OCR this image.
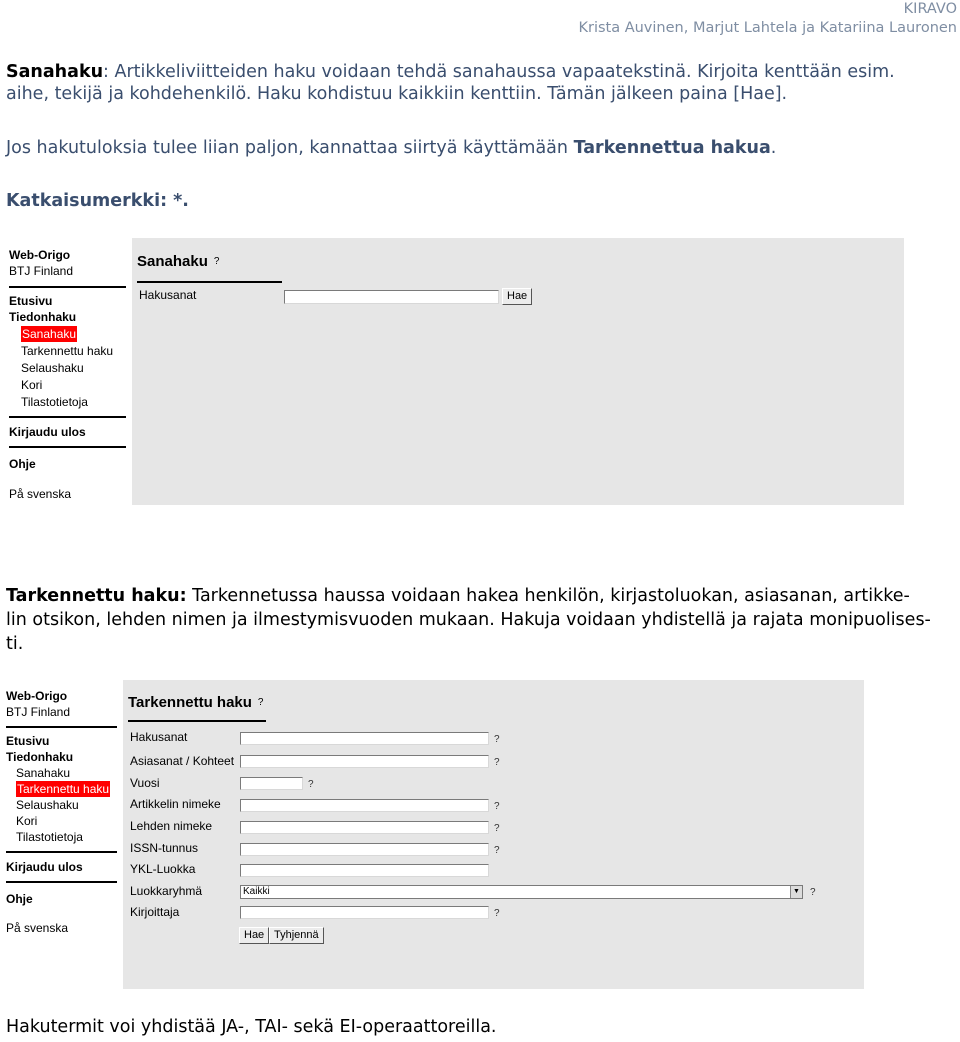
KIRAVO
Krista Auvinen, Marjut Lahtela ja Katariina Lauronen
Sanahaku: Artikkeliviitteiden haku voidaan tehdä sanahaussa vapaatekstinä. Kirjoita kenttään esim.
aihe, tekijä ja kohdehenkilö. Haku kohdistuu kaikkiin kenttiin. Tämän jälkeen paina [Hae].
Jos hakutuloksia tulee liian paljon, kannattaa siirtyä käyttämään Tarkennettua hakua.
Katkaisumerkki: *.
Web-Origo
BTJ Finland
Etusivu
Tiedonhaku
Sanahaku
Tarkennettu haku
Selaushaku
Kori
Tilastotietoja
Kirjaudu ulos
Ohje
På svenska
Sanahaku ?
Hakusanat	Hae
Tarkennettu haku: Tarkennetussa haussa voidaan hakea henkilön, kirjastoluokan, asiasanan, artikke-
lin otsikon, lehden nimen ja ilmestymisvuoden mukaan. Hakuja voidaan yhdistellä ja rajata monipuolises-
ti.
Web-Origo
BTJ Finland
Etusivu
Tiedonhaku
Sanahaku
Tarkennettu haku
Selaushaku
Kori
Tilastotietoja
Kirjaudu ulos
Ohje
På svenska
Tarkennettu haku ?
Hakusanat	?
Asiasanat / Kohteet	?
Vuosi	?
Artikkelin nimeke	?
Lehden nimeke	?
ISSN-tunnus	?
YKL-Luokka
Luokkaryhmä	Kaikki	▼ ?
Kirjoittaja	?
Hae Tyhjennä
Hakutermit voi yhdistää JA-, TAI- sekä EI-operaattoreilla.
